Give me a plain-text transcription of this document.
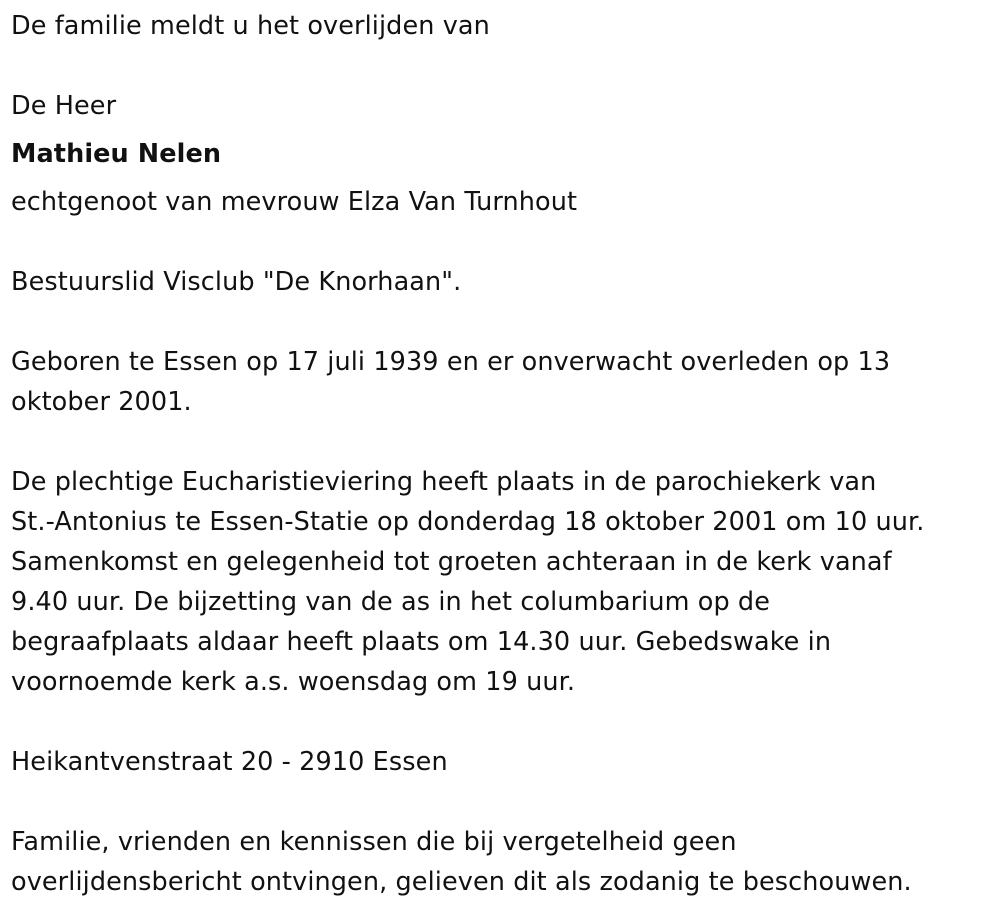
De familie meldt u het overlijden van
De Heer
Mathieu Nelen
echtgenoot van mevrouw Elza Van Turnhout
Bestuurslid Visclub "De Knorhaan".
Geboren te Essen op 17 juli 1939 en er onverwacht overleden op 13
oktober 2001.
De plechtige Eucharistieviering heeft plaats in de parochiekerk van
St.-Antonius te Essen-Statie op donderdag 18 oktober 2001 om 10 uur.
Samenkomst en gelegenheid tot groeten achteraan in de kerk vanaf
9.40 uur. De bijzetting van de as in het columbarium op de
begraafplaats aldaar heeft plaats om 14.30 uur. Gebedswake in
voornoemde kerk a.s. woensdag om 19 uur.
Heikantvenstraat 20 - 2910 Essen
Familie, vrienden en kennissen die bij vergetelheid geen
overlijdensbericht ontvingen, gelieven dit als zodanig te beschouwen.
